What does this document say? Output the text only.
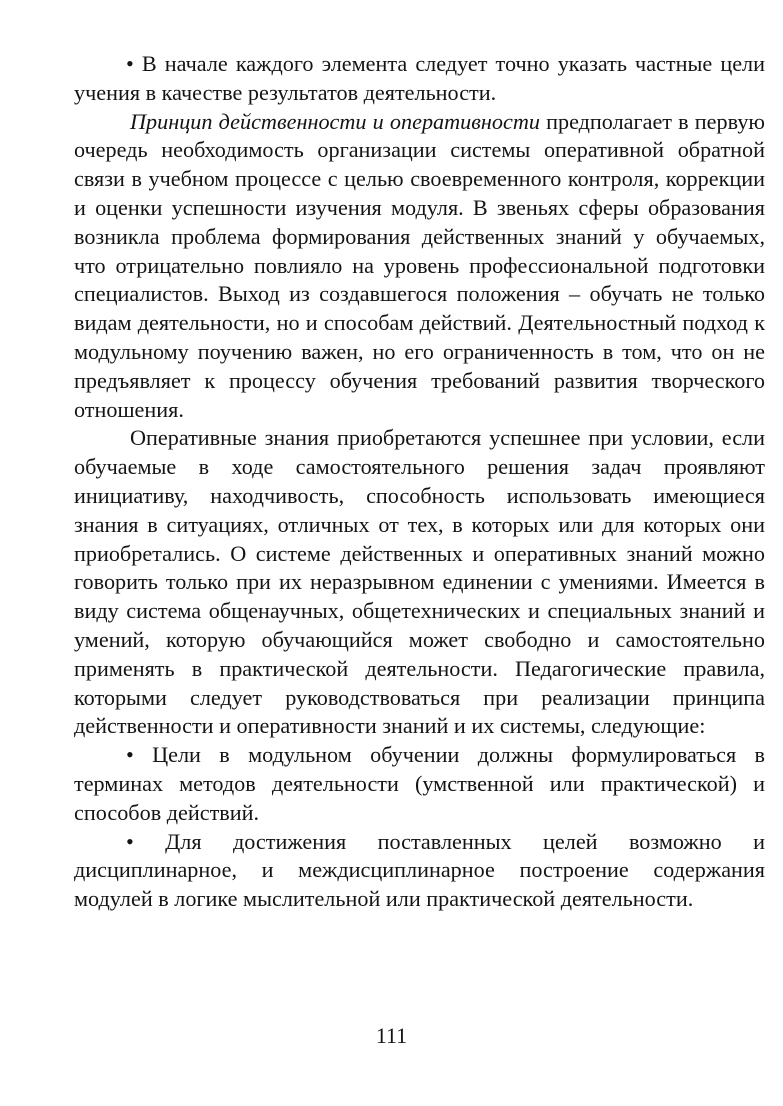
• В начале каждого элемента следует точно указать частные цели учения в качестве результатов деятельности.

Принцип действенности и оперативности предполагает в первую очередь необходимость организации системы оперативной обратной связи в учебном процессе с целью своевременного контроля, коррекции и оценки успешности изучения модуля. В звеньях сферы образования возникла проблема формирования действенных знаний у обучаемых, что отрицательно повлияло на уровень профессиональной подготовки специалистов. Выход из создавшегося положения – обучать не только видам деятельности, но и способам действий. Деятельностный подход к модульному поучению важен, но его ограниченность в том, что он не предъявляет к процессу обучения требований развития творческого отношения.

Оперативные знания приобретаются успешнее при условии, если обучаемые в ходе самостоятельного решения задач проявляют инициативу, находчивость, способность использовать имеющиеся знания в ситуациях, отличных от тех, в которых или для которых они приобретались. О системе действенных и оперативных знаний можно говорить только при их неразрывном единении с умениями. Имеется в виду система общенаучных, общетехнических и специальных знаний и умений, которую обучающийся может свободно и самостоятельно применять в практической деятельности. Педагогические правила, которыми следует руководствоваться при реализации принципа действенности и оперативности знаний и их системы, следующие:

• Цели в модульном обучении должны формулироваться в терминах методов деятельности (умственной или практической) и способов действий.

• Для достижения поставленных целей возможно и дисциплинарное, и междисциплинарное построение содержания модулей в логике мыслительной или практической деятельности.

111
